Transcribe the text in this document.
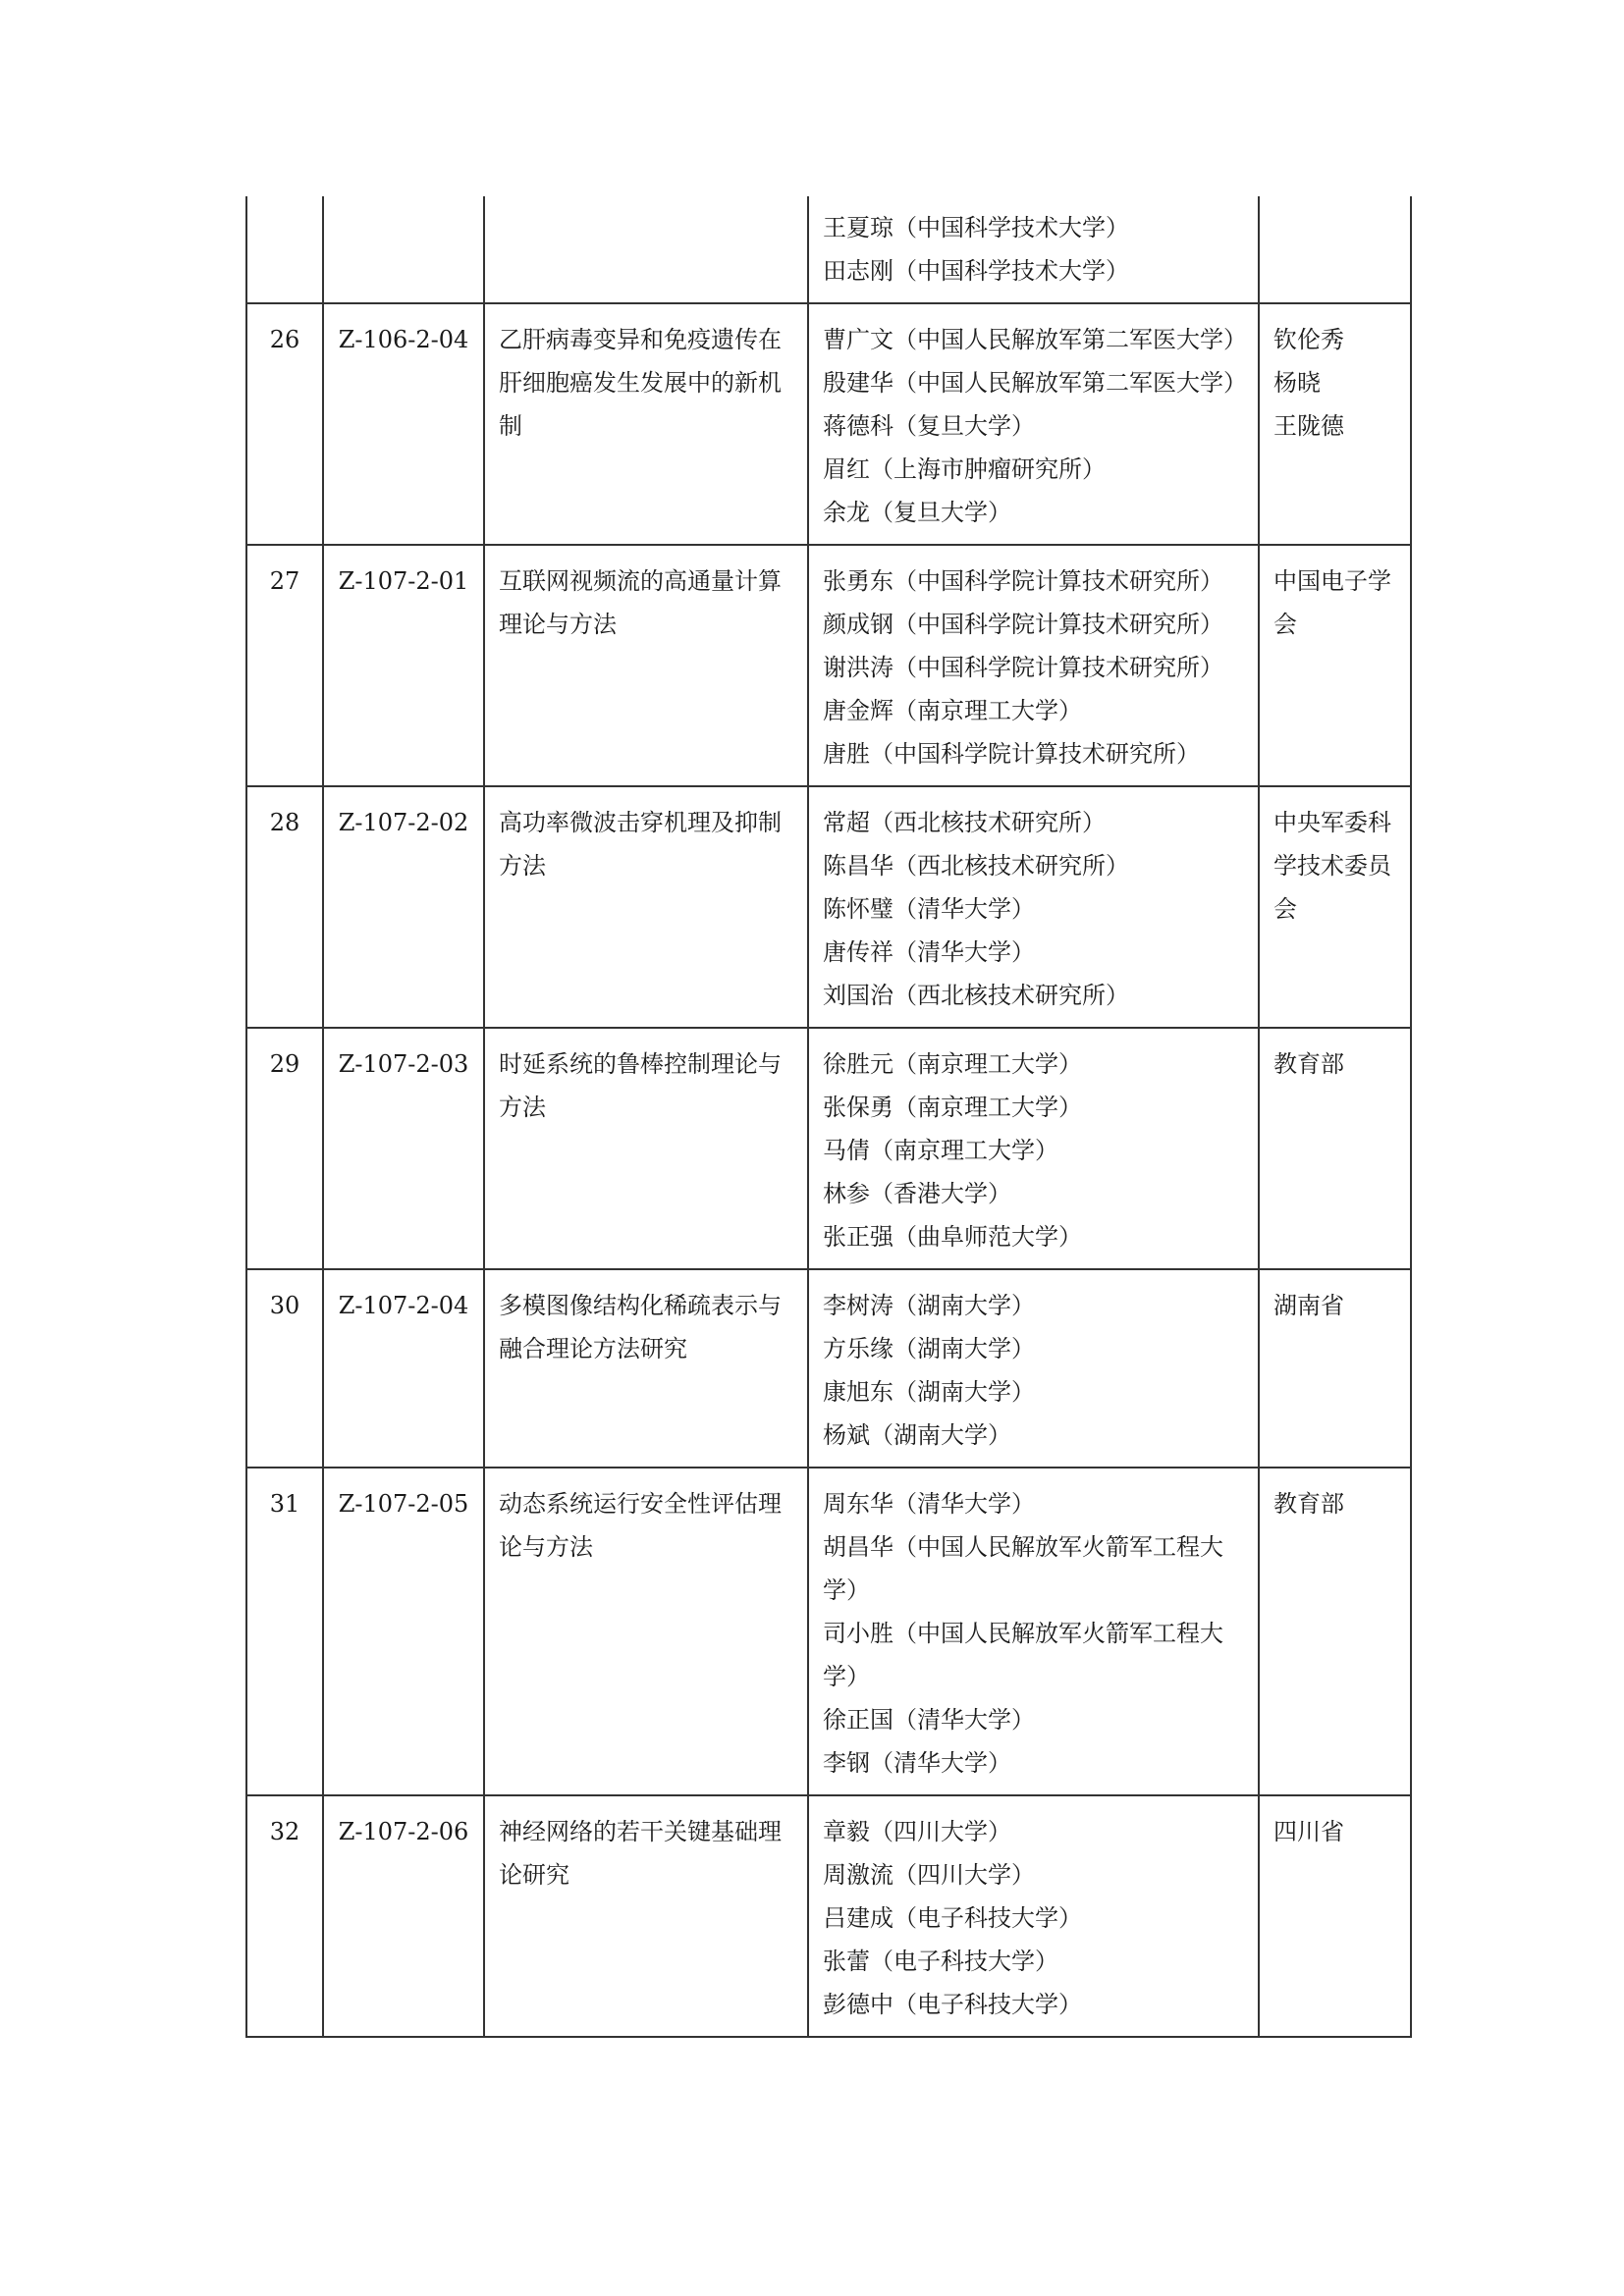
			王夏琼（中国科学技术大学）
田志刚（中国科学技术大学）	

26	Z-106-2-04	乙肝病毒变异和免疫遗传在肝细胞癌发生发展中的新机制	曹广文（中国人民解放军第二军医大学）
殷建华（中国人民解放军第二军医大学）
蒋德科（复旦大学）
眉红（上海市肿瘤研究所）
余龙（复旦大学）	钦伦秀
杨晓
王陇德

27	Z-107-2-01	互联网视频流的高通量计算理论与方法	张勇东（中国科学院计算技术研究所）
颜成钢（中国科学院计算技术研究所）
谢洪涛（中国科学院计算技术研究所）
唐金辉（南京理工大学）
唐胜（中国科学院计算技术研究所）	中国电子学会

28	Z-107-2-02	高功率微波击穿机理及抑制方法	常超（西北核技术研究所）
陈昌华（西北核技术研究所）
陈怀璧（清华大学）
唐传祥（清华大学）
刘国治（西北核技术研究所）	中央军委科学技术委员会

29	Z-107-2-03	时延系统的鲁棒控制理论与方法	徐胜元（南京理工大学）
张保勇（南京理工大学）
马倩（南京理工大学）
林参（香港大学）
张正强（曲阜师范大学）	教育部

30	Z-107-2-04	多模图像结构化稀疏表示与融合理论方法研究	李树涛（湖南大学）
方乐缘（湖南大学）
康旭东（湖南大学）
杨斌（湖南大学）	湖南省

31	Z-107-2-05	动态系统运行安全性评估理论与方法	周东华（清华大学）
胡昌华（中国人民解放军火箭军工程大学）
司小胜（中国人民解放军火箭军工程大学）
徐正国（清华大学）
李钢（清华大学）	教育部

32	Z-107-2-06	神经网络的若干关键基础理论研究	章毅（四川大学）
周激流（四川大学）
吕建成（电子科技大学）
张蕾（电子科技大学）
彭德中（电子科技大学）	四川省
